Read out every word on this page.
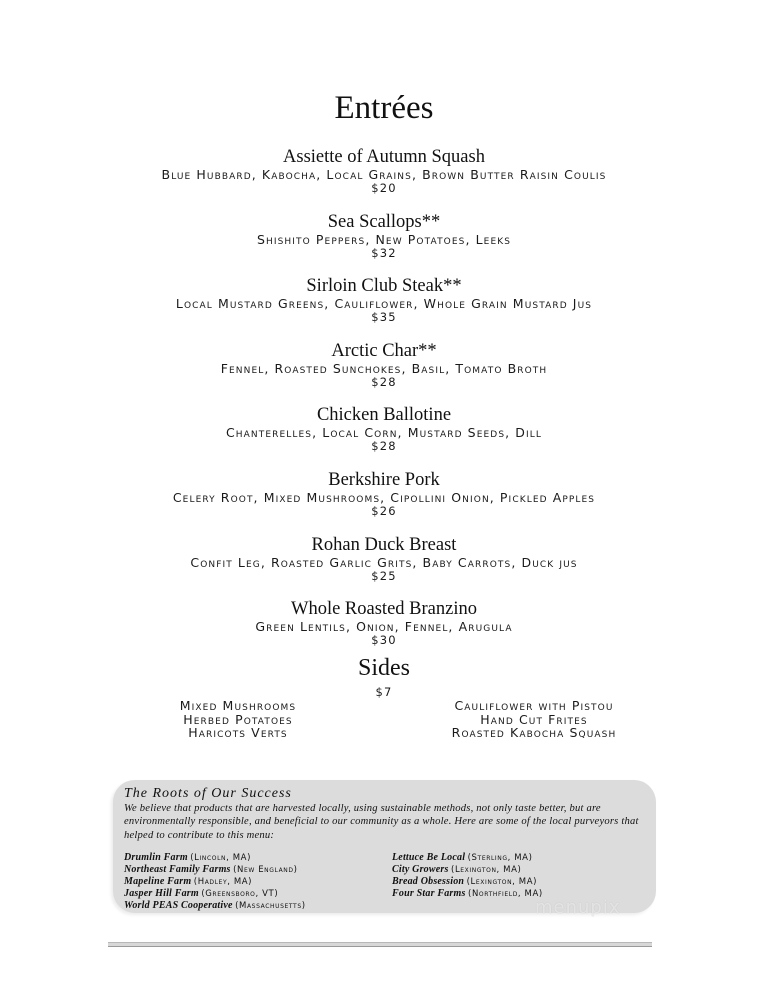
Entrées
Assiette of Autumn Squash
Blue Hubbard, Kabocha, Local Grains, Brown Butter Raisin Coulis
$20
Sea Scallops**
Shishito Peppers, New Potatoes, Leeks
$32
Sirloin Club Steak**
Local Mustard Greens, Cauliflower, Whole Grain Mustard Jus
$35
Arctic Char**
Fennel, Roasted Sunchokes, Basil, Tomato Broth
$28
Chicken Ballotine
Chanterelles, Local Corn, Mustard Seeds, Dill
$28
Berkshire Pork
Celery Root, Mixed Mushrooms, Cipollini Onion, Pickled Apples
$26
Rohan Duck Breast
Confit Leg, Roasted Garlic Grits, Baby Carrots, Duck jus
$25
Whole Roasted Branzino
Green Lentils, Onion, Fennel, Arugula
$30
Sides
$7
Mixed Mushrooms
Herbed Potatoes
Haricots Verts
Cauliflower with Pistou
Hand Cut Frites
Roasted Kabocha Squash
The Roots of Our Success
We believe that products that are harvested locally, using sustainable methods, not only taste better, but are environmentally responsible, and beneficial to our community as a whole. Here are some of the local purveyors that helped to contribute to this menu:
Drumlin Farm (Lincoln, MA)
Northeast Family Farms (New England)
Mapeline Farm (Hadley, MA)
Jasper Hill Farm (Greensboro, VT)
World PEAS Cooperative (Massachusetts)
Lettuce Be Local (Sterling, MA)
City Growers (Lexington, MA)
Bread Obsession (Lexington, MA)
Four Star Farms (Northfield, MA)
menupix
